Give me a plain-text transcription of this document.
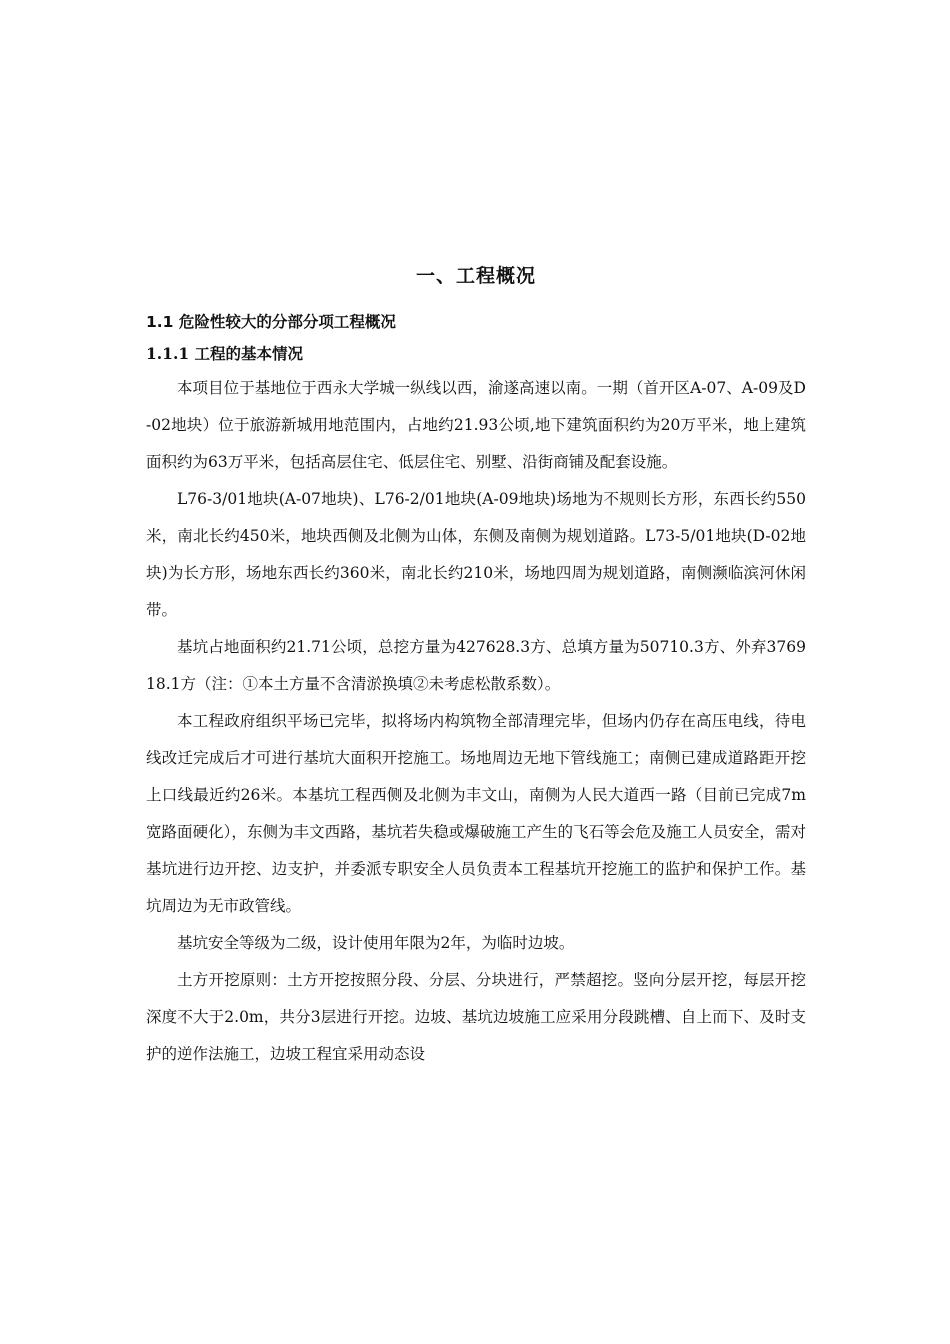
一、工程概况
1.1 危险性较大的分部分项工程概况
1.1.1 工程的基本情况

本项目位于基地位于西永大学城一纵线以西，渝遂高速以南。一期（首开区A-07、A-09及D-02地块）位于旅游新城用地范围内，占地约21.93公顷,地下建筑面积约为20万平米，地上建筑面积约为63万平米，包括高层住宅、低层住宅、别墅、沿街商铺及配套设施。

L76-3/01地块(A-07地块)、L76-2/01地块(A-09地块)场地为不规则长方形，东西长约550米，南北长约450米，地块西侧及北侧为山体，东侧及南侧为规划道路。L73-5/01地块(D-02地块)为长方形，场地东西长约360米，南北长约210米，场地四周为规划道路，南侧濒临滨河休闲带。

基坑占地面积约21.71公顷，总挖方量为427628.3方、总填方量为50710.3方、外弃376918.1方（注：①本土方量不含清淤换填②未考虑松散系数）。

本工程政府组织平场已完毕，拟将场内构筑物全部清理完毕，但场内仍存在高压电线，待电线改迁完成后才可进行基坑大面积开挖施工。场地周边无地下管线施工；南侧已建成道路距开挖上口线最近约26米。本基坑工程西侧及北侧为丰文山，南侧为人民大道西一路（目前已完成7m宽路面硬化），东侧为丰文西路，基坑若失稳或爆破施工产生的飞石等会危及施工人员安全，需对基坑进行边开挖、边支护，并委派专职安全人员负责本工程基坑开挖施工的监护和保护工作。基坑周边为无市政管线。

基坑安全等级为二级，设计使用年限为2年，为临时边坡。

土方开挖原则：土方开挖按照分段、分层、分块进行，严禁超挖。竖向分层开挖，每层开挖深度不大于2.0m，共分3层进行开挖。边坡、基坑边坡施工应采用分段跳槽、自上而下、及时支护的逆作法施工，边坡工程宜采用动态设
